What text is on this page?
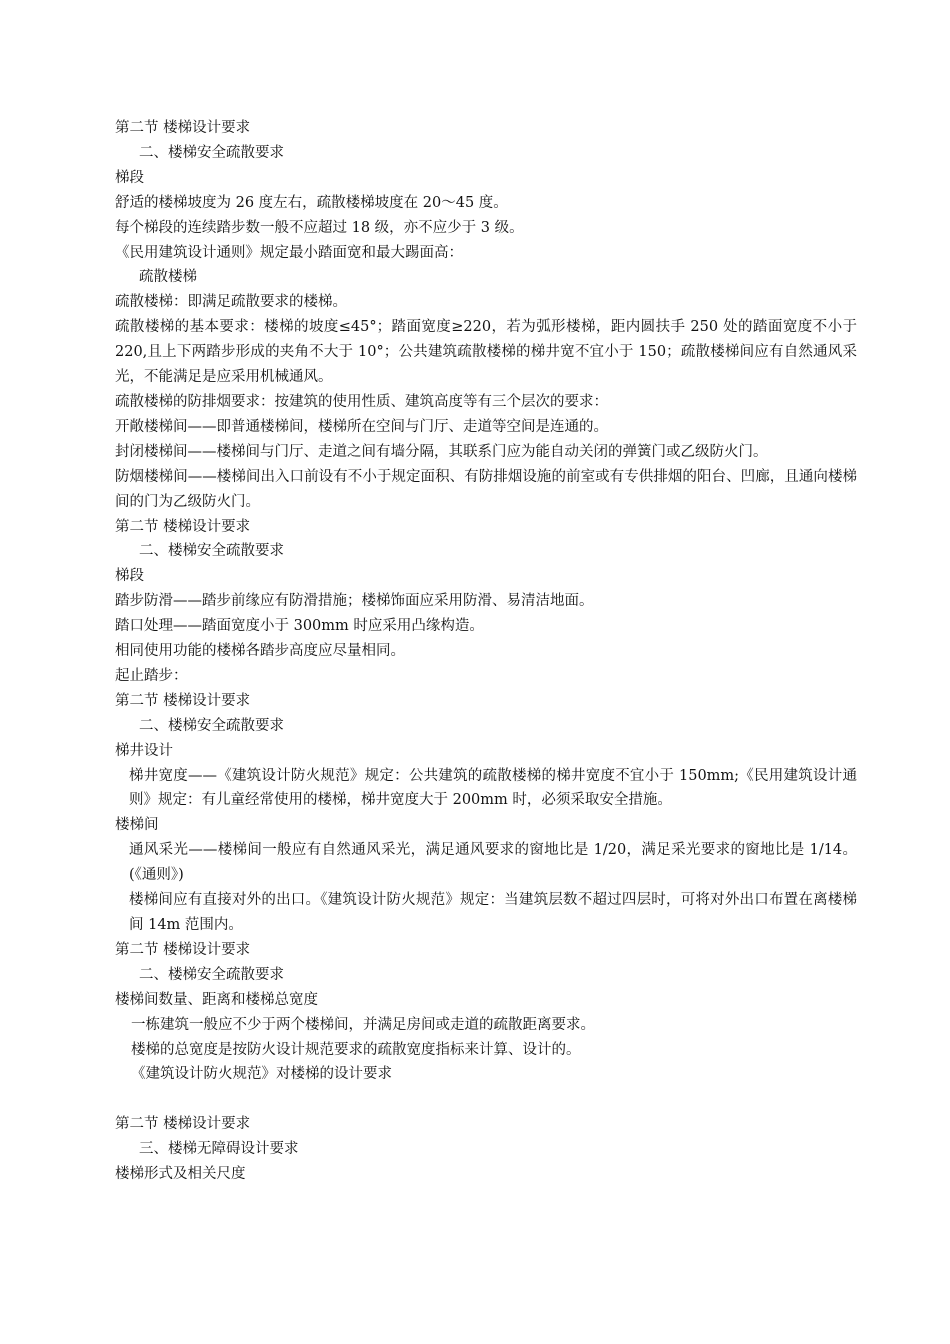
第二节 楼梯设计要求
二、楼梯安全疏散要求
梯段
舒适的楼梯坡度为 26 度左右，疏散楼梯坡度在 20～45 度。
每个梯段的连续踏步数一般不应超过 18 级，亦不应少于 3 级。
《民用建筑设计通则》规定最小踏面宽和最大踢面高：
疏散楼梯
疏散楼梯：即满足疏散要求的楼梯。
疏散楼梯的基本要求：楼梯的坡度≤45°；踏面宽度≥220，若为弧形楼梯，距内圆扶手 250 处的踏面宽度不小于 220,且上下两踏步形成的夹角不大于 10°；公共建筑疏散楼梯的梯井宽不宜小于 150；疏散楼梯间应有自然通风采光，不能满足是应采用机械通风。
疏散楼梯的防排烟要求：按建筑的使用性质、建筑高度等有三个层次的要求：
开敞楼梯间——即普通楼梯间，楼梯所在空间与门厅、走道等空间是连通的。
封闭楼梯间——楼梯间与门厅、走道之间有墙分隔，其联系门应为能自动关闭的弹簧门或乙级防火门。
防烟楼梯间——楼梯间出入口前设有不小于规定面积、有防排烟设施的前室或有专供排烟的阳台、凹廊，且通向楼梯间的门为乙级防火门。
第二节 楼梯设计要求
二、楼梯安全疏散要求
梯段
踏步防滑——踏步前缘应有防滑措施；楼梯饰面应采用防滑、易清洁地面。
踏口处理——踏面宽度小于 300mm 时应采用凸缘构造。
相同使用功能的楼梯各踏步高度应尽量相同。
起止踏步：
第二节 楼梯设计要求
二、楼梯安全疏散要求
梯井设计
梯井宽度——《建筑设计防火规范》规定：公共建筑的疏散楼梯的梯井宽度不宜小于 150mm;《民用建筑设计通则》规定：有儿童经常使用的楼梯，梯井宽度大于 200mm 时，必须采取安全措施。
楼梯间
通风采光——楼梯间一般应有自然通风采光，满足通风要求的窗地比是 1/20，满足采光要求的窗地比是 1/14。(《通则》)
楼梯间应有直接对外的出口。《建筑设计防火规范》规定：当建筑层数不超过四层时，可将对外出口布置在离楼梯间 14m 范围内。
第二节 楼梯设计要求
二、楼梯安全疏散要求
楼梯间数量、距离和楼梯总宽度
一栋建筑一般应不少于两个楼梯间，并满足房间或走道的疏散距离要求。
楼梯的总宽度是按防火设计规范要求的疏散宽度指标来计算、设计的。
《建筑设计防火规范》对楼梯的设计要求
第二节 楼梯设计要求
三、楼梯无障碍设计要求
楼梯形式及相关尺度
